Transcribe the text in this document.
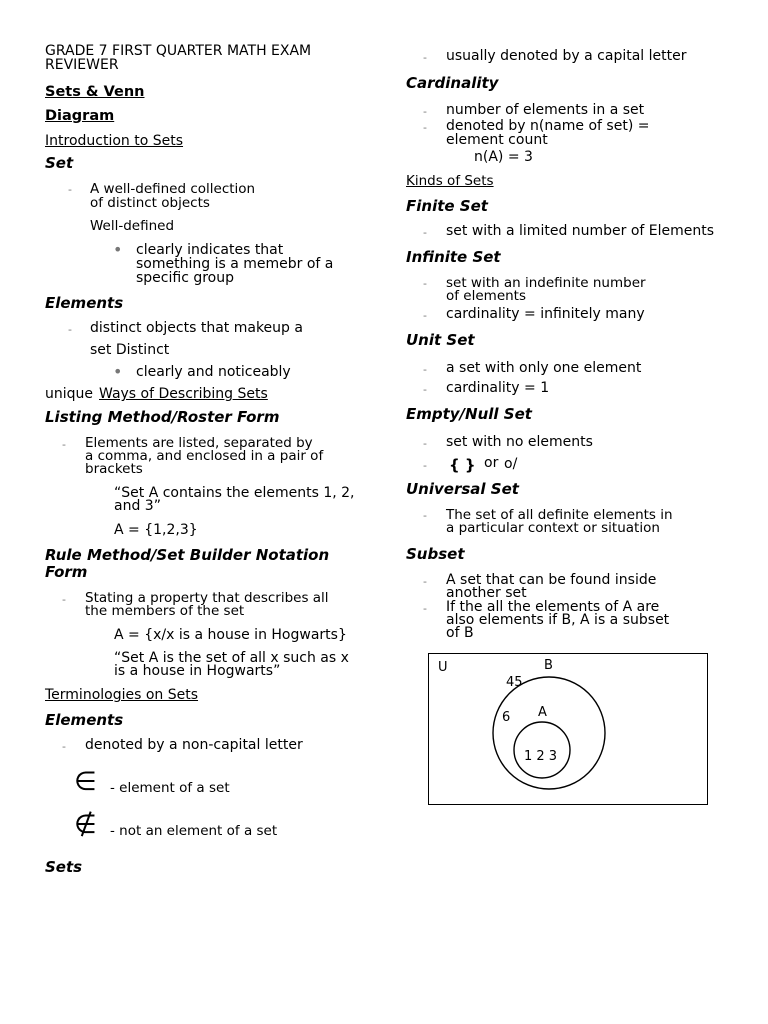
GRADE 7 FIRST QUARTER MATH EXAM
REVIEWER
Sets & Venn
Diagram
Introduction to Sets
Set
- A well-defined collection
of distinct objects
Well-defined
• clearly indicates that
something is a memebr of a
specific group
Elements
- distinct objects that makeup a
set Distinct
• clearly and noticeably
unique Ways of Describing Sets
Listing Method/Roster Form
- Elements are listed, separated by
a comma, and enclosed in a pair of
brackets
“Set A contains the elements 1, 2,
and 3”
A = {1,2,3}
Rule Method/Set Builder Notation
Form
- Stating a property that describes all
the members of the set
A = {x/x is a house in Hogwarts}
“Set A is the set of all x such as x
is a house in Hogwarts”
Terminologies on Sets
Elements
- denoted by a non-capital letter
∈ - element of a set
∉ - not an element of a set
Sets
- usually denoted by a capital letter
Cardinality
- number of elements in a set
- denoted by n(name of set) =
element count
n(A) = 3
Kinds of Sets
Finite Set
- set with a limited number of Elements
Infinite Set
- set with an indefinite number
of elements
- cardinality = infinitely many
Unit Set
- a set with only one element
- cardinality = 1
Empty/Null Set
- set with no elements
- { } or o/
Universal Set
- The set of all definite elements in
a particular context or situation
Subset
- A set that can be found inside
another set
- If the all the elements of A are
also elements if B, A is a subset
of B
U	B
45
6 A
1 2 3
